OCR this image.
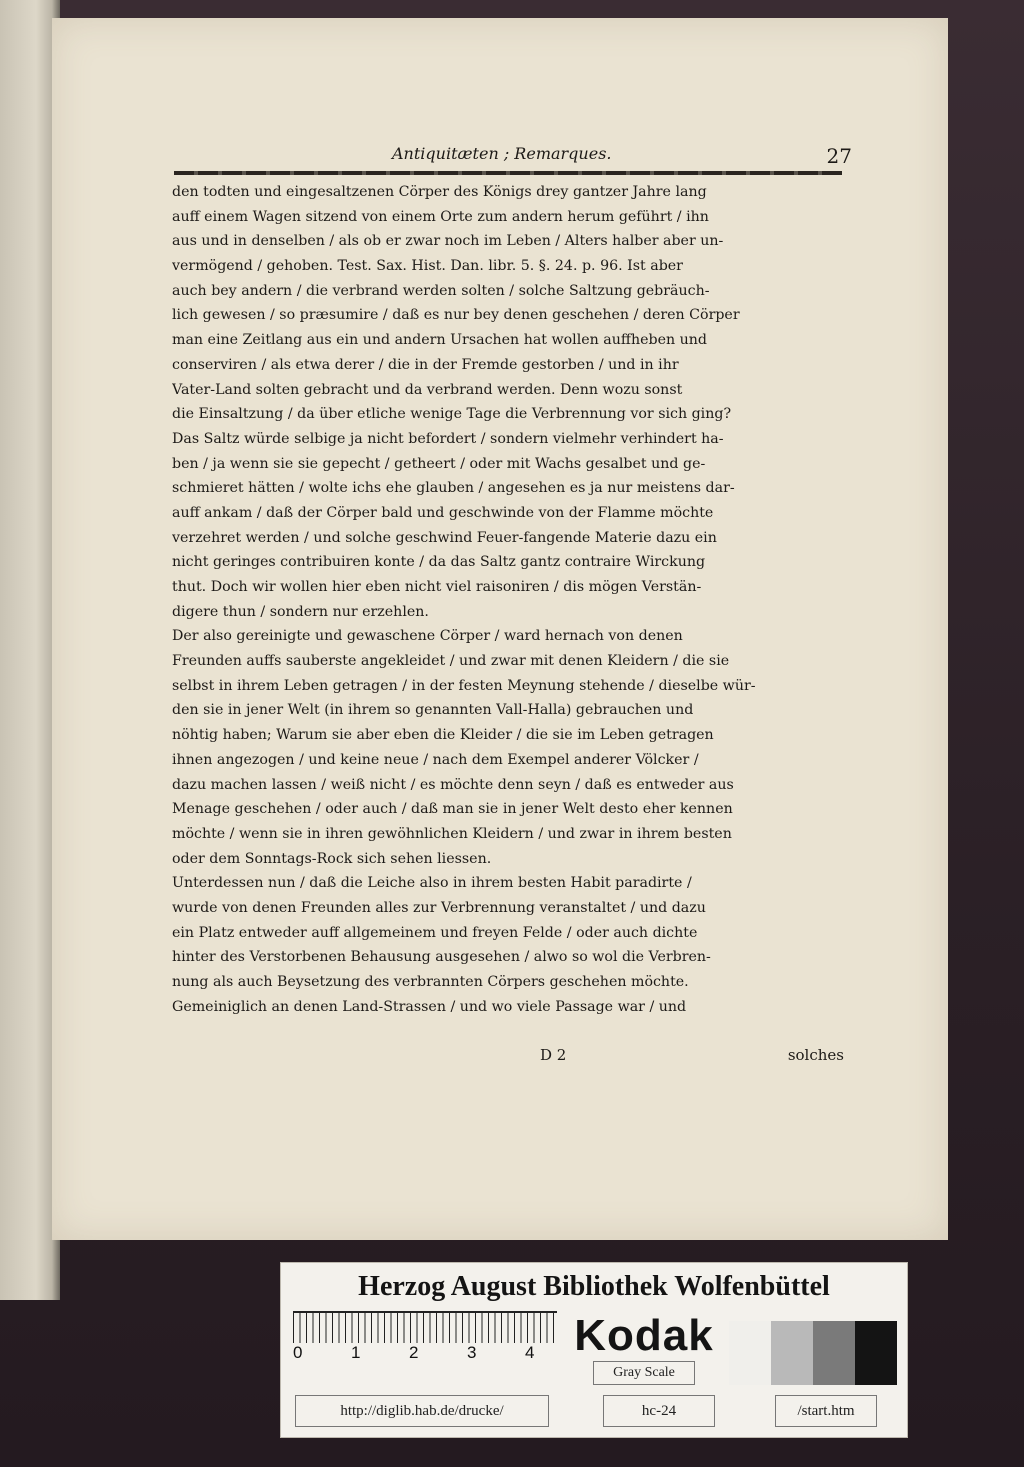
Antiquitæten ; Remarques.	27
den todten und eingesaltzenen Cörper des Königs drey gantzer Jahre lang
auff einem Wagen sitzend von einem Orte zum andern herum geführt / ihn
aus und in denselben / als ob er zwar noch im Leben / Alters halber aber un-
vermögend / gehoben. Test. Sax. Hist. Dan. libr. 5. §. 24. p. 96. Ist aber
auch bey andern / die verbrand werden solten / solche Saltzung gebräuch-
lich gewesen / so præsumire / daß es nur bey denen geschehen / deren Cörper
man eine Zeitlang aus ein und andern Ursachen hat wollen auffheben und
conserviren / als etwa derer / die in der Fremde gestorben / und in ihr
Vater-Land solten gebracht und da verbrand werden. Denn wozu sonst
die Einsaltzung / da über etliche wenige Tage die Verbrennung vor sich ging?
Das Saltz würde selbige ja nicht befordert / sondern vielmehr verhindert ha-
ben / ja wenn sie sie gepecht / getheert / oder mit Wachs gesalbet und ge-
schmieret hätten / wolte ichs ehe glauben / angesehen es ja nur meistens dar-
auff ankam / daß der Cörper bald und geschwinde von der Flamme möchte
verzehret werden / und solche geschwind Feuer-fangende Materie dazu ein
nicht geringes contribuiren konte / da das Saltz gantz contraire Wirckung
thut. Doch wir wollen hier eben nicht viel raisoniren / dis mögen Verstän-
digere thun / sondern nur erzehlen.
Der also gereinigte und gewaschene Cörper / ward hernach von denen
Freunden auffs sauberste angekleidet / und zwar mit denen Kleidern / die sie
selbst in ihrem Leben getragen / in der festen Meynung stehende / dieselbe wür-
den sie in jener Welt (in ihrem so genannten Vall-Halla) gebrauchen und
nöhtig haben; Warum sie aber eben die Kleider / die sie im Leben getragen
ihnen angezogen / und keine neue / nach dem Exempel anderer Völcker /
dazu machen lassen / weiß nicht / es möchte denn seyn / daß es entweder aus
Menage geschehen / oder auch / daß man sie in jener Welt desto eher kennen
möchte / wenn sie in ihren gewöhnlichen Kleidern / und zwar in ihrem besten
oder dem Sonntags-Rock sich sehen liessen.
Unterdessen nun / daß die Leiche also in ihrem besten Habit paradirte /
wurde von denen Freunden alles zur Verbrennung veranstaltet / und dazu
ein Platz entweder auff allgemeinem und freyen Felde / oder auch dichte
hinter des Verstorbenen Behausung ausgesehen / alwo so wol die Verbren-
nung als auch Beysetzung des verbrannten Cörpers geschehen möchte.
Gemeiniglich an denen Land-Strassen / und wo viele Passage war / und
D 2	solches
Herzog August Bibliothek Wolfenbüttel
0	1	2	3	4 Kodak
Gray Scale
http://diglib.hab.de/drucke/	hc-24	/start.htm
